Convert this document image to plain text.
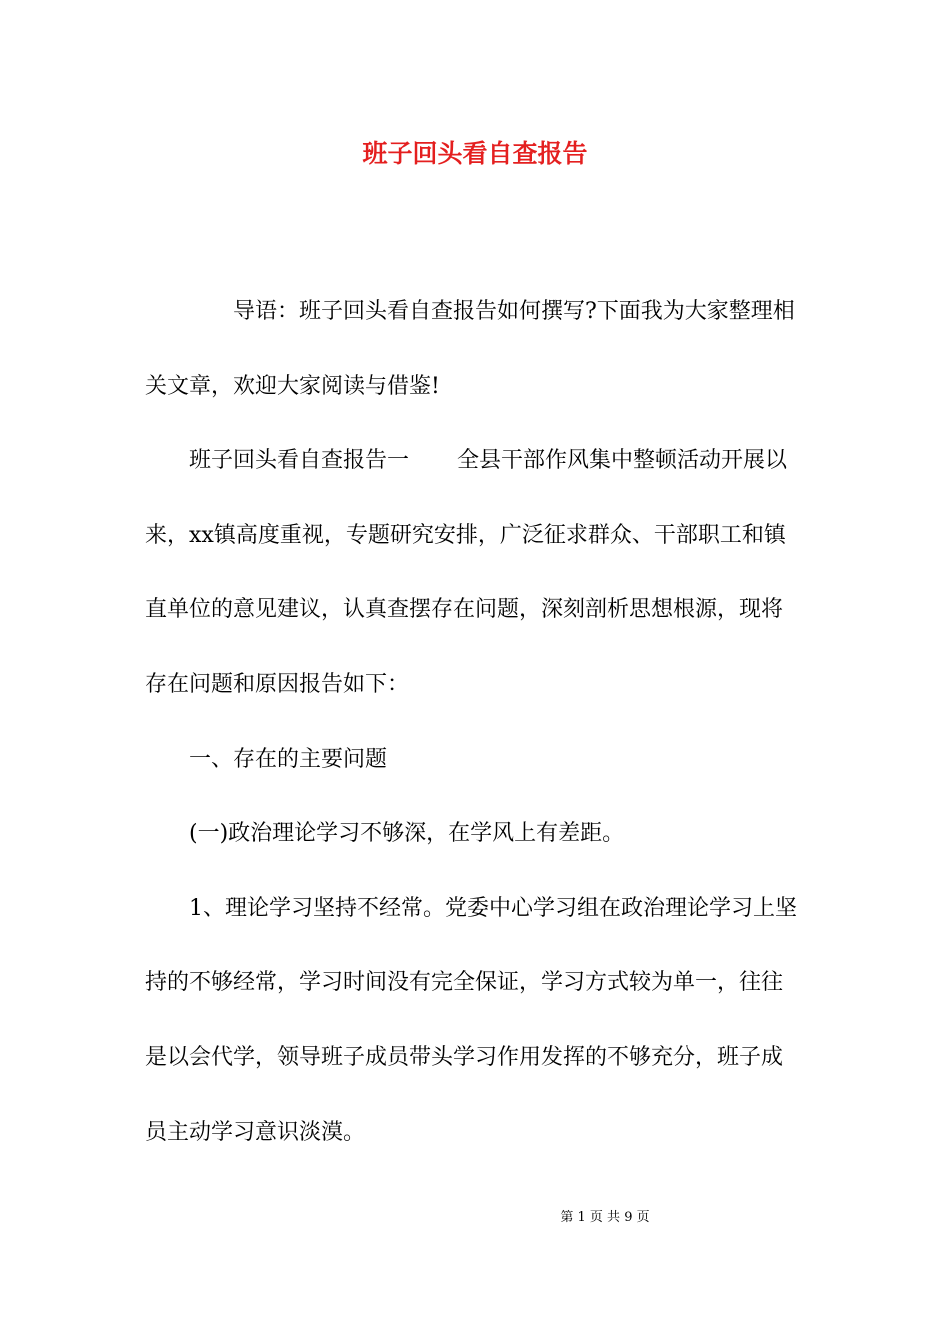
班子回头看自查报告
导语：班子回头看自查报告如何撰写?下面我为大家整理相
关文章，欢迎大家阅读与借鉴!
班子回头看自查报告一 全县干部作风集中整顿活动开展以
来，xx镇高度重视，专题研究安排，广泛征求群众、干部职工和镇
直单位的意见建议，认真查摆存在问题，深刻剖析思想根源，现将
存在问题和原因报告如下：
一、存在的主要问题
(一)政治理论学习不够深，在学风上有差距。
1、理论学习坚持不经常。党委中心学习组在政治理论学习上坚
持的不够经常，学习时间没有完全保证，学习方式较为单一，往往
是以会代学，领导班子成员带头学习作用发挥的不够充分，班子成
员主动学习意识淡漠。
第 1 页 共 9 页
